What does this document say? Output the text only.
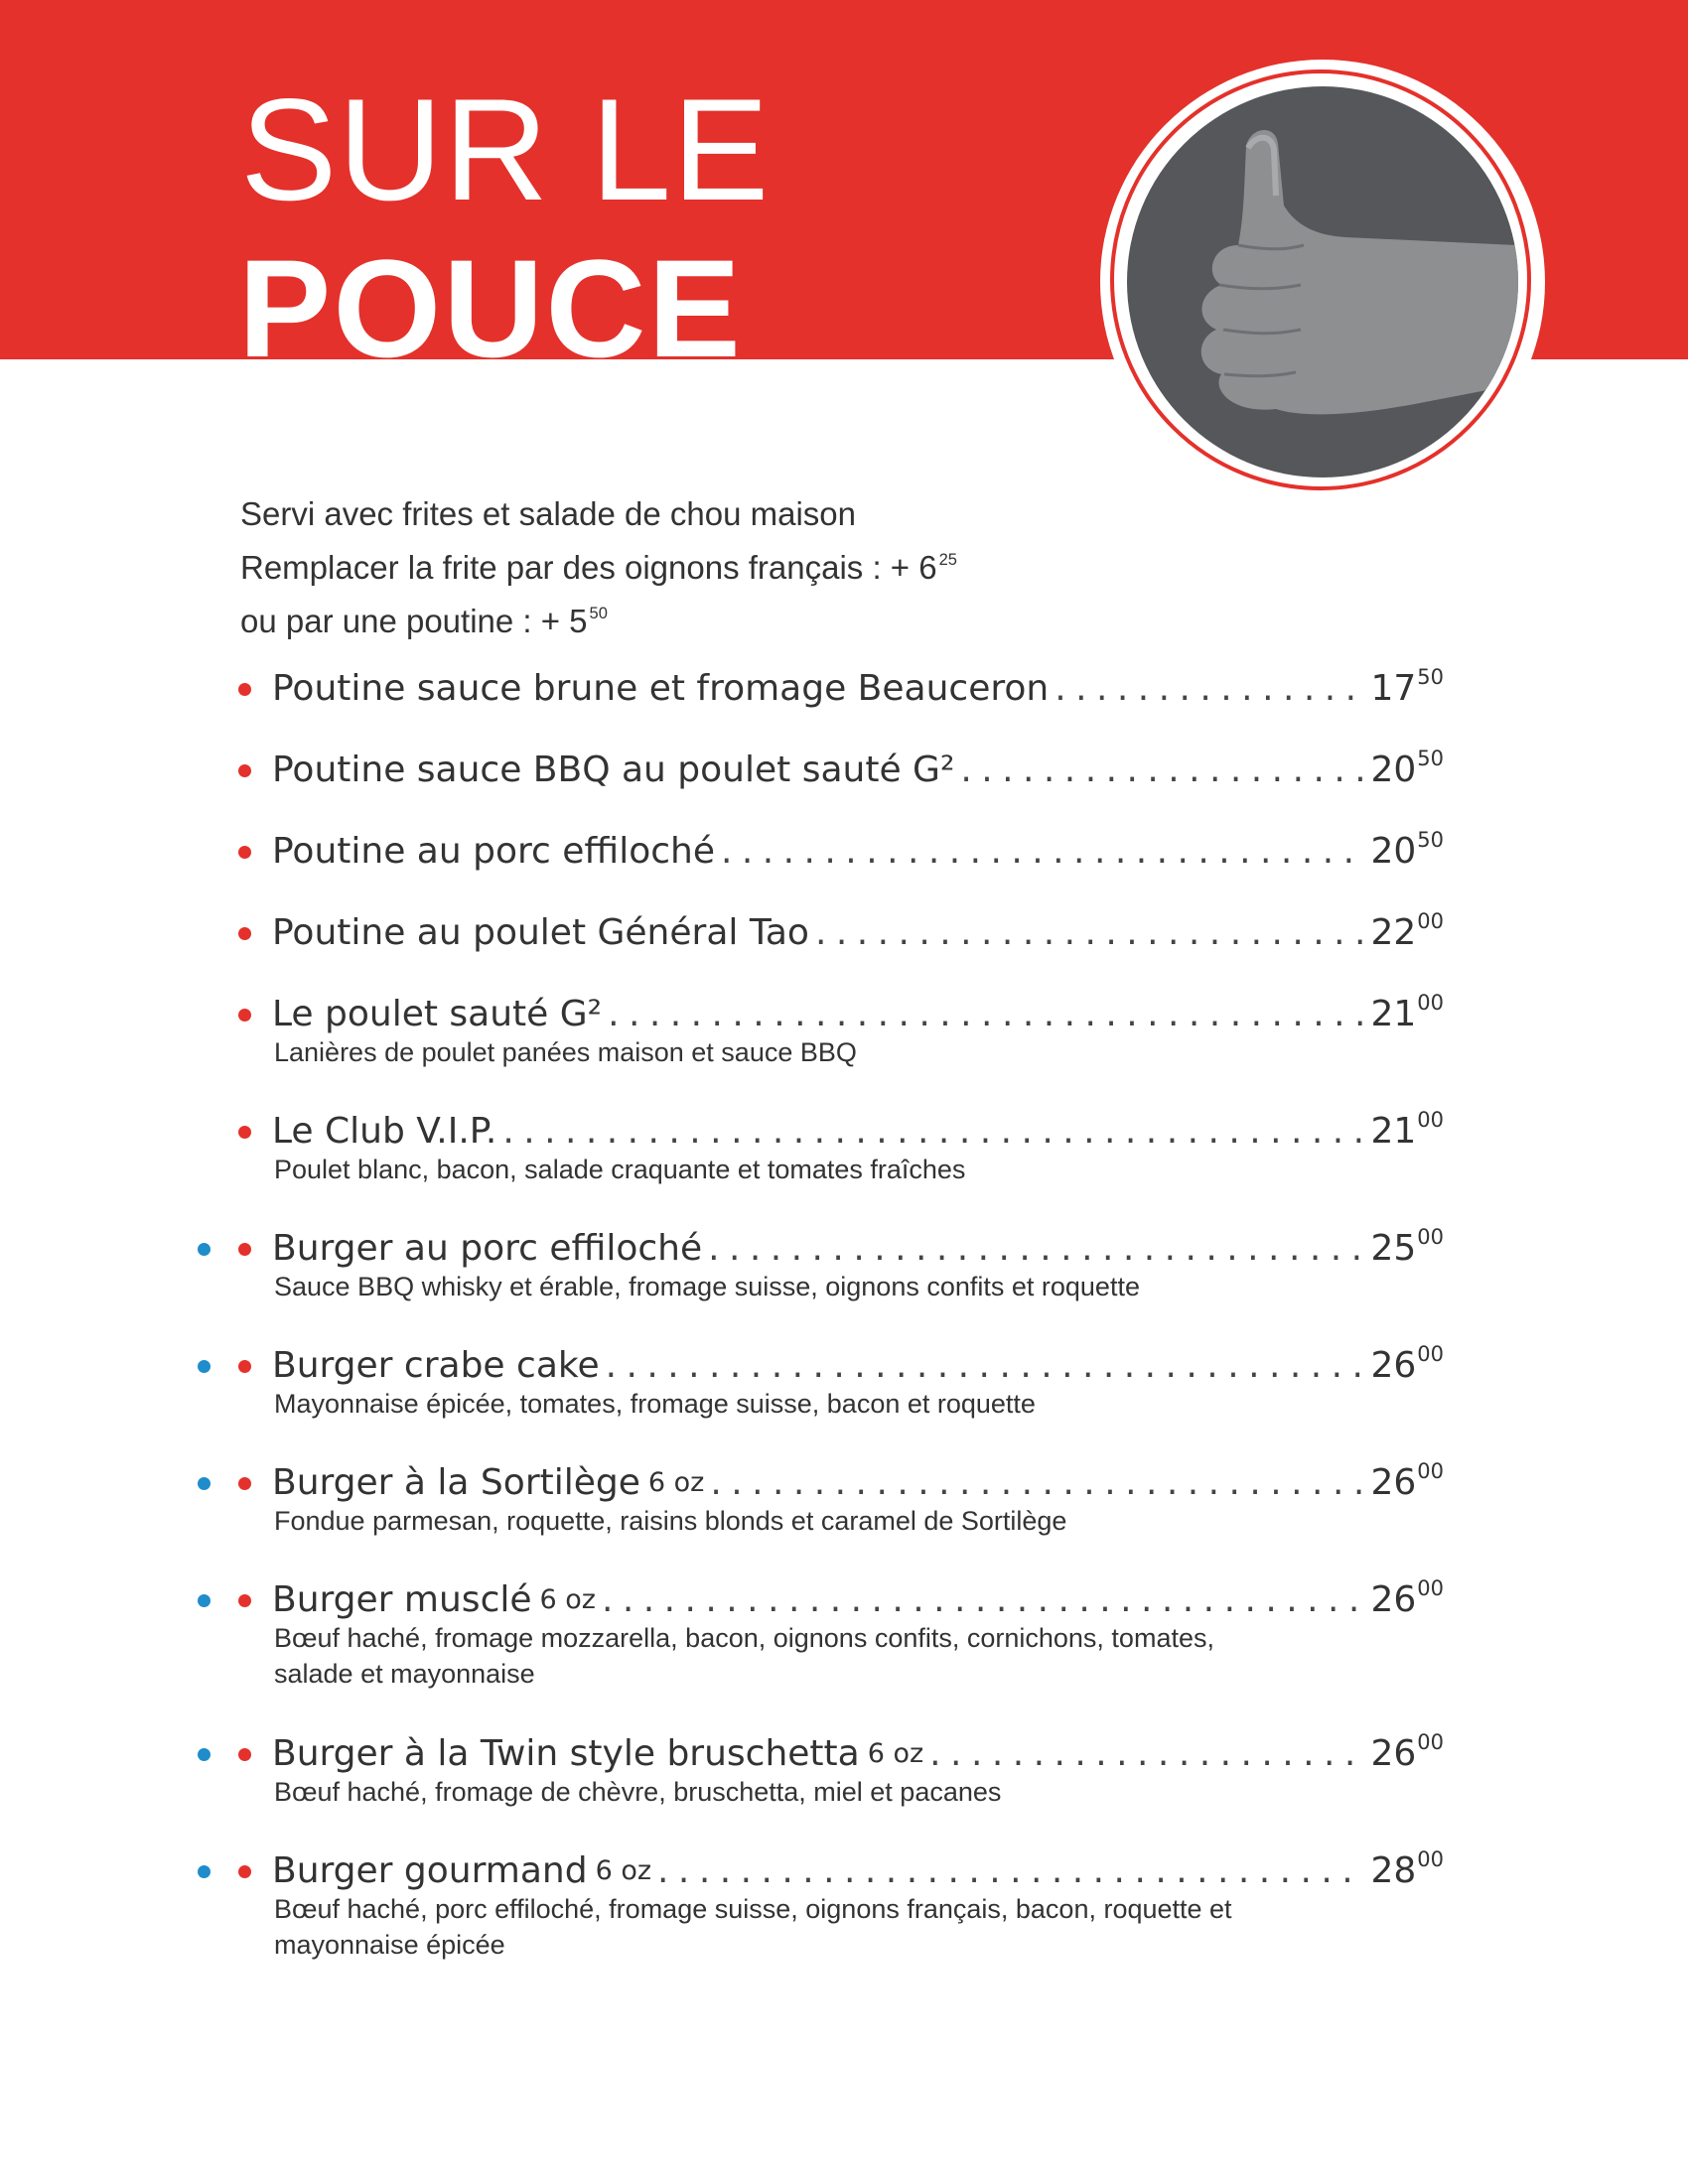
SUR LE
POUCE
Servi avec frites et salade de chou maison
Remplacer la frite par des oignons français : + 6 $^{25}$
ou par une poutine : + 5 $^{50}$
Poutine sauce brune et fromage Beauceron . . .	$17^{50}$
Poutine sauce BBQ au poulet sauté G² . . .	$20^{50}$
Poutine au porc effiloché . . .	$20^{50}$
Poutine au poulet Général Tao . . .	$22^{00}$
Le poulet sauté G² . . .	$21^{00}$
Lanières de poulet panées maison et sauce BBQ
Le Club V.I.P. . . .	$21^{00}$
Poulet blanc, bacon, salade craquante et tomates fraîches
Burger au porc effiloché . . .	$25^{00}$
Sauce BBQ whisky et érable, fromage suisse, oignons confits et roquette
Burger crabe cake . . .	$26^{00}$
Mayonnaise épicée, tomates, fromage suisse, bacon et roquette
Burger à la Sortilège 6 oz . . .	$26^{00}$
Fondue parmesan, roquette, raisins blonds et caramel de Sortilège
Burger musclé 6 oz . . .	$26^{00}$
Bœuf haché, fromage mozzarella, bacon, oignons confits, cornichons, tomates, salade et mayonnaise
Burger à la Twin style bruschetta 6 oz . . .	$26^{00}$
Bœuf haché, fromage de chèvre, bruschetta, miel et pacanes
Burger gourmand 6 oz . . .	$28^{00}$
Bœuf haché, porc effiloché, fromage suisse, oignons français, bacon, roquette et mayonnaise épicée
